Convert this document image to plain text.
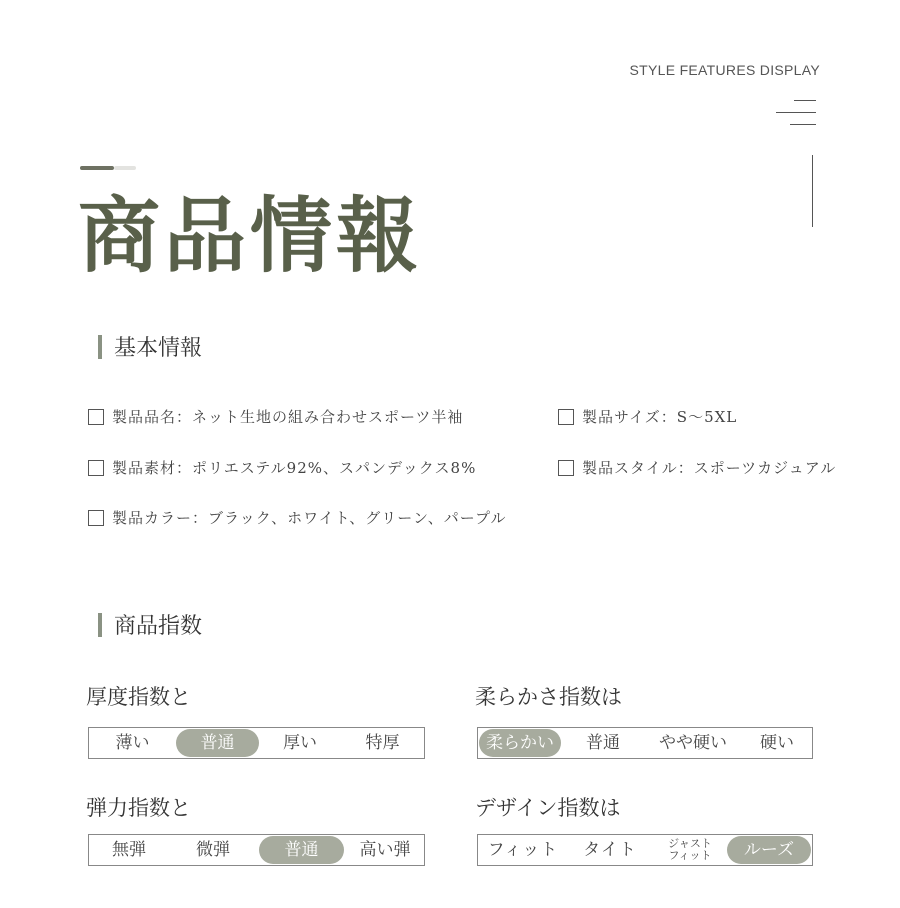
STYLE FEATURES DISPLAY
商品情報
基本情報
製品品名：ネット生地の組み合わせスポーツ半袖	製品サイズ：S～5XL
製品素材：ポリエステル92%、スパンデックス8%	製品スタイル：スポーツカジュアル
製品カラー：ブラック、ホワイト、グリーン、パープル
商品指数
厚度指数と
薄い	普通	厚い	特厚
柔らかさ指数は
柔らかい	普通	やや硬い	硬い
弾力指数と
無弾	微弾	普通	高い弾
デザイン指数は
フィット	タイト	ジャスト
フィット	ルーズ
